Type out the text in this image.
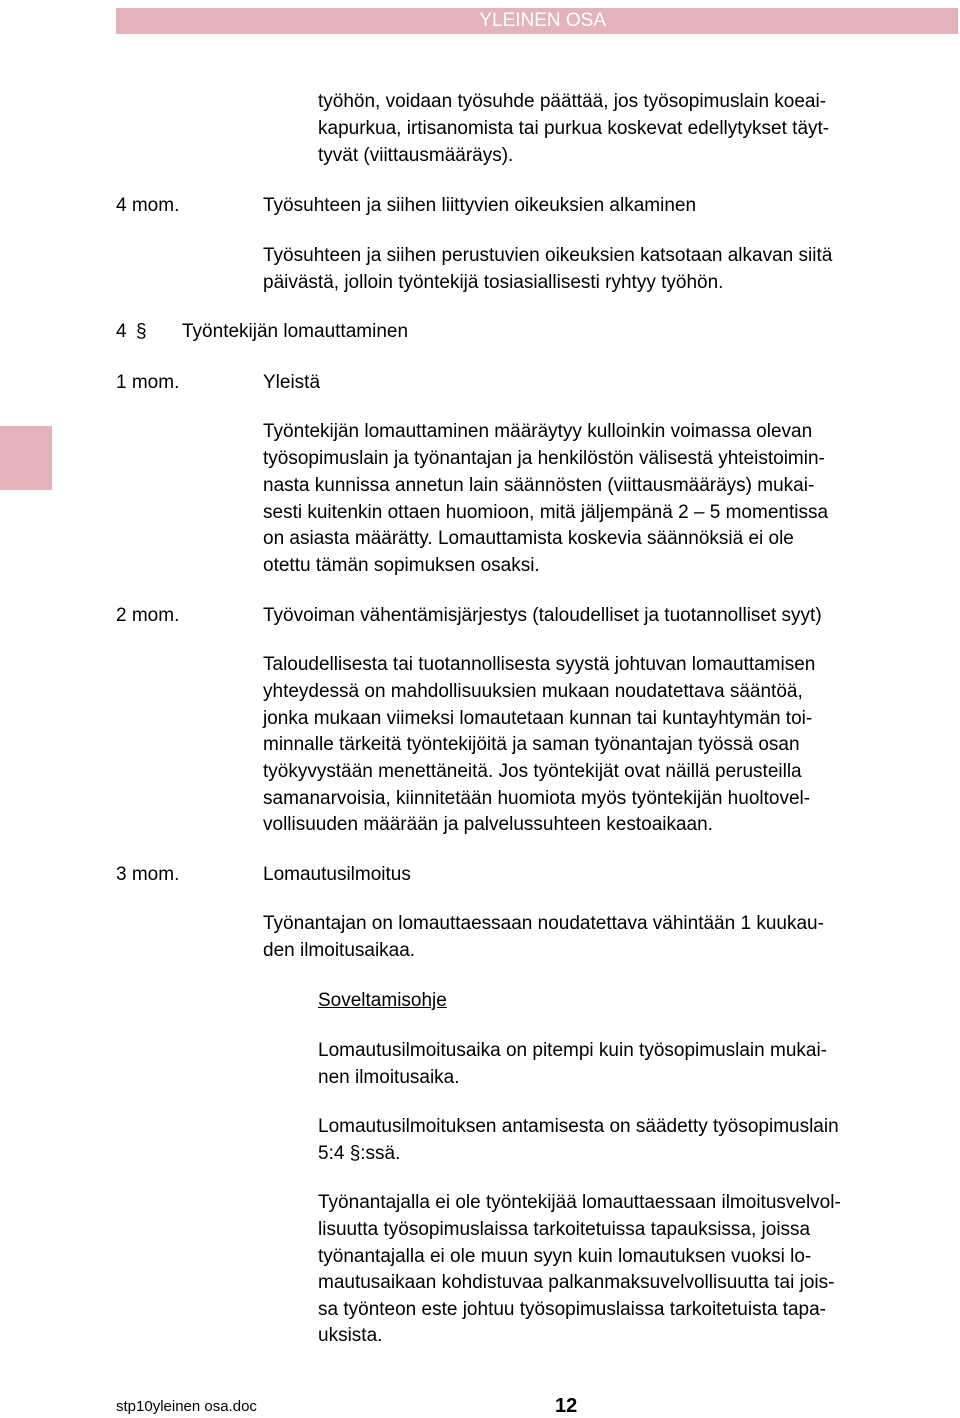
YLEINEN OSA
työhön, voidaan työsuhde päättää, jos työsopimuslain koeai-
kapurkua, irtisanomista tai purkua koskevat edellytykset täyt-
tyvät (viittausmääräys).
4 mom.	Työsuhteen ja siihen liittyvien oikeuksien alkaminen
Työsuhteen ja siihen perustuvien oikeuksien katsotaan alkavan siitä
päivästä, jolloin työntekijä tosiasiallisesti ryhtyy työhön.
4 § Työntekijän lomauttaminen
1 mom.	Yleistä
Työntekijän lomauttaminen määräytyy kulloinkin voimassa olevan
työsopimuslain ja työnantajan ja henkilöstön välisestä yhteistoimin-
nasta kunnissa annetun lain säännösten (viittausmääräys) mukai-
sesti kuitenkin ottaen huomioon, mitä jäljempänä 2 – 5 momentissa
on asiasta määrätty. Lomauttamista koskevia säännöksiä ei ole
otettu tämän sopimuksen osaksi.
2 mom.	Työvoiman vähentämisjärjestys (taloudelliset ja tuotannolliset syyt)
Taloudellisesta tai tuotannollisesta syystä johtuvan lomauttamisen
yhteydessä on mahdollisuuksien mukaan noudatettava sääntöä,
jonka mukaan viimeksi lomautetaan kunnan tai kuntayhtymän toi-
minnalle tärkeitä työntekijöitä ja saman työnantajan työssä osan
työkyvystään menettäneitä. Jos työntekijät ovat näillä perusteilla
samanarvoisia, kiinnitetään huomiota myös työntekijän huoltovel-
vollisuuden määrään ja palvelussuhteen kestoaikaan.
3 mom.	Lomautusilmoitus
Työnantajan on lomauttaessaan noudatettava vähintään 1 kuukau-
den ilmoitusaikaa.
Soveltamisohje
Lomautusilmoitusaika on pitempi kuin työsopimuslain mukai-
nen ilmoitusaika.
Lomautusilmoituksen antamisesta on säädetty työsopimuslain
5:4 §:ssä.
Työnantajalla ei ole työntekijää lomauttaessaan ilmoitusvelvol-
lisuutta työsopimuslaissa tarkoitetuissa tapauksissa, joissa
työnantajalla ei ole muun syyn kuin lomautuksen vuoksi lo-
mautusaikaan kohdistuvaa palkanmaksuvelvollisuutta tai jois-
sa työnteon este johtuu työsopimuslaissa tarkoitetuista tapa-
uksista.
stp10yleinen osa.doc	12
